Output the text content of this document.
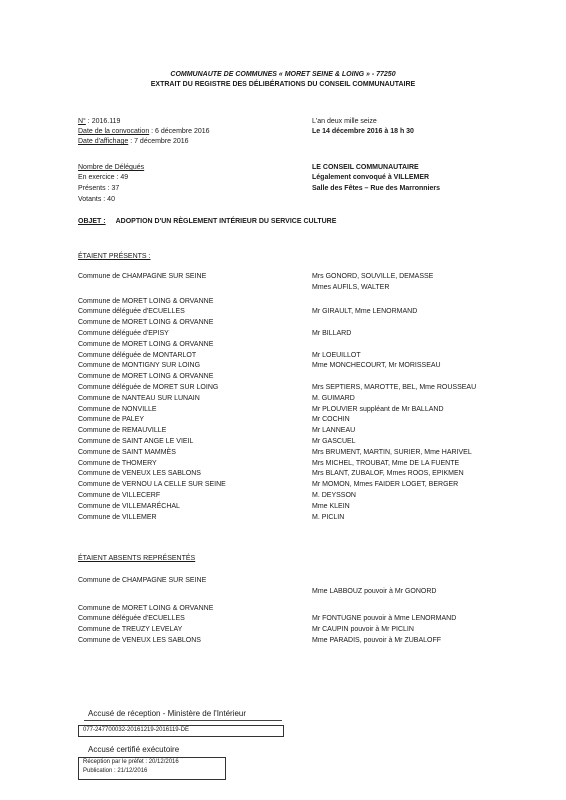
COMMUNAUTE DE COMMUNES « MORET SEINE & LOING » - 77250
EXTRAIT DU REGISTRE DES DÉLIBÉRATIONS DU CONSEIL COMMUNAUTAIRE
N° : 2016.119
Date de la convocation : 6 décembre 2016
Date d'affichage : 7 décembre 2016
L'an deux mille seize
Le 14 décembre 2016 à 18 h 30
Nombre de Délégués
En exercice : 49
Présents : 37
Votants : 40
LE CONSEIL COMMUNAUTAIRE
Légalement convoqué à VILLEMER
Salle des Fêtes – Rue des Marronniers
OBJET : ADOPTION D'UN RÈGLEMENT INTÉRIEUR DU SERVICE CULTURE
ÉTAIENT PRÉSENTS :
Commune de CHAMPAGNE SUR SEINE	Mrs GONORD, SOUVILLE, DEMASSE
Mmes AUFILS, WALTER
Commune de MORET LOING & ORVANNE
Commune déléguée d'ECUELLES	Mr GIRAULT, Mme LENORMAND
Commune de MORET LOING & ORVANNE
Commune déléguée d'EPISY	Mr BILLARD
Commune de MORET LOING & ORVANNE
Commune déléguée de MONTARLOT	Mr LOEUILLOT
Commune de MONTIGNY SUR LOING	Mme MONCHECOURT, Mr MORISSEAU
Commune de MORET LOING & ORVANNE
Commune déléguée de MORET SUR LOING	Mrs SEPTIERS, MAROTTE, BEL, Mme ROUSSEAU
Commune de NANTEAU SUR LUNAIN	M. GUIMARD
Commune de NONVILLE	Mr PLOUVIER suppléant de Mr BALLAND
Commune de PALEY	Mr COCHIN
Commune de REMAUVILLE	Mr LANNEAU
Commune de SAINT ANGE LE VIEIL	Mr GASCUEL
Commune de SAINT MAMMÈS	Mrs BRUMENT, MARTIN, SURIER, Mme HARIVEL
Commune de THOMERY	Mrs MICHEL, TROUBAT, Mme DE LA FUENTE
Commune de VENEUX LES SABLONS	Mrs BLANT, ZUBALOF, Mmes ROOS, EPIKMEN
Commune de VERNOU LA CELLE SUR SEINE	Mr MOMON, Mmes FAIDER LOGET, BERGER
Commune de VILLECERF	M. DEYSSON
Commune de VILLEMARÉCHAL	Mme KLEIN
Commune de VILLEMER	M. PICLIN
ÉTAIENT ABSENTS REPRÉSENTÉS
Commune de CHAMPAGNE SUR SEINE
Mme LABBOUZ pouvoir à Mr GONORD
Commune de MORET LOING & ORVANNE
Commune déléguée d'ECUELLES	Mr FONTUGNE pouvoir à Mme LENORMAND
Commune de TREUZY LEVELAY	Mr CAUPIN pouvoir à Mr PICLIN
Commune de VENEUX LES SABLONS	Mme PARADIS, pouvoir à Mr ZUBALOFF
Accusé de réception - Ministère de l'Intérieur
077-247700032-20161219-2016119-DE
Accusé certifié exécutoire
Réception par le préfet : 20/12/2016
Publication : 21/12/2016
